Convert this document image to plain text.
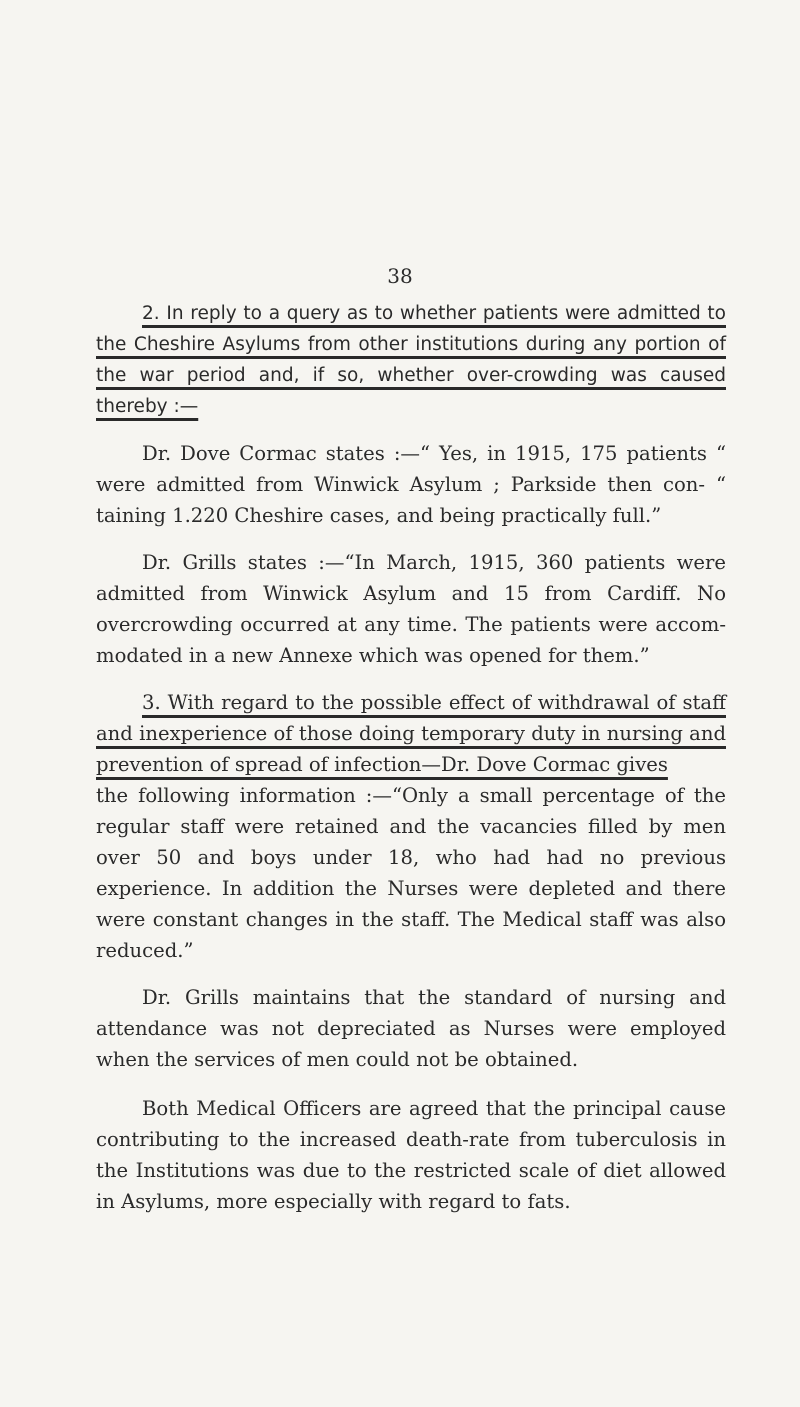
38

2. In reply to a query as to whether patients were admitted to the Cheshire Asylums from other institutions during any portion of the war period and, if so, whether over-crowding was caused thereby :—

Dr. Dove Cormac states :—“ Yes, in 1915, 175 patients “ were admitted from Winwick Asylum ; Parkside then con- “ taining 1.220 Cheshire cases, and being practically full.”

Dr. Grills states :—“In March, 1915, 360 patients were admitted from Winwick Asylum and 15 from Cardiff. No overcrowding occurred at any time. The patients were accom-modated in a new Annexe which was opened for them.”

3. With regard to the possible effect of withdrawal of staff and inexperience of those doing temporary duty in nursing and prevention of spread of infection—Dr. Dove Cormac gives

the following information :—“Only a small percentage of the regular staff were retained and the vacancies filled by men over 50 and boys under 18, who had had no previous experience. In addition the Nurses were depleted and there were constant changes in the staff. The Medical staff was also reduced.”

Dr. Grills maintains that the standard of nursing and attendance was not depreciated as Nurses were employed when the services of men could not be obtained.

Both Medical Officers are agreed that the principal cause contributing to the increased death-rate from tuberculosis in the Institutions was due to the restricted scale of diet allowed in Asylums, more especially with regard to fats.
